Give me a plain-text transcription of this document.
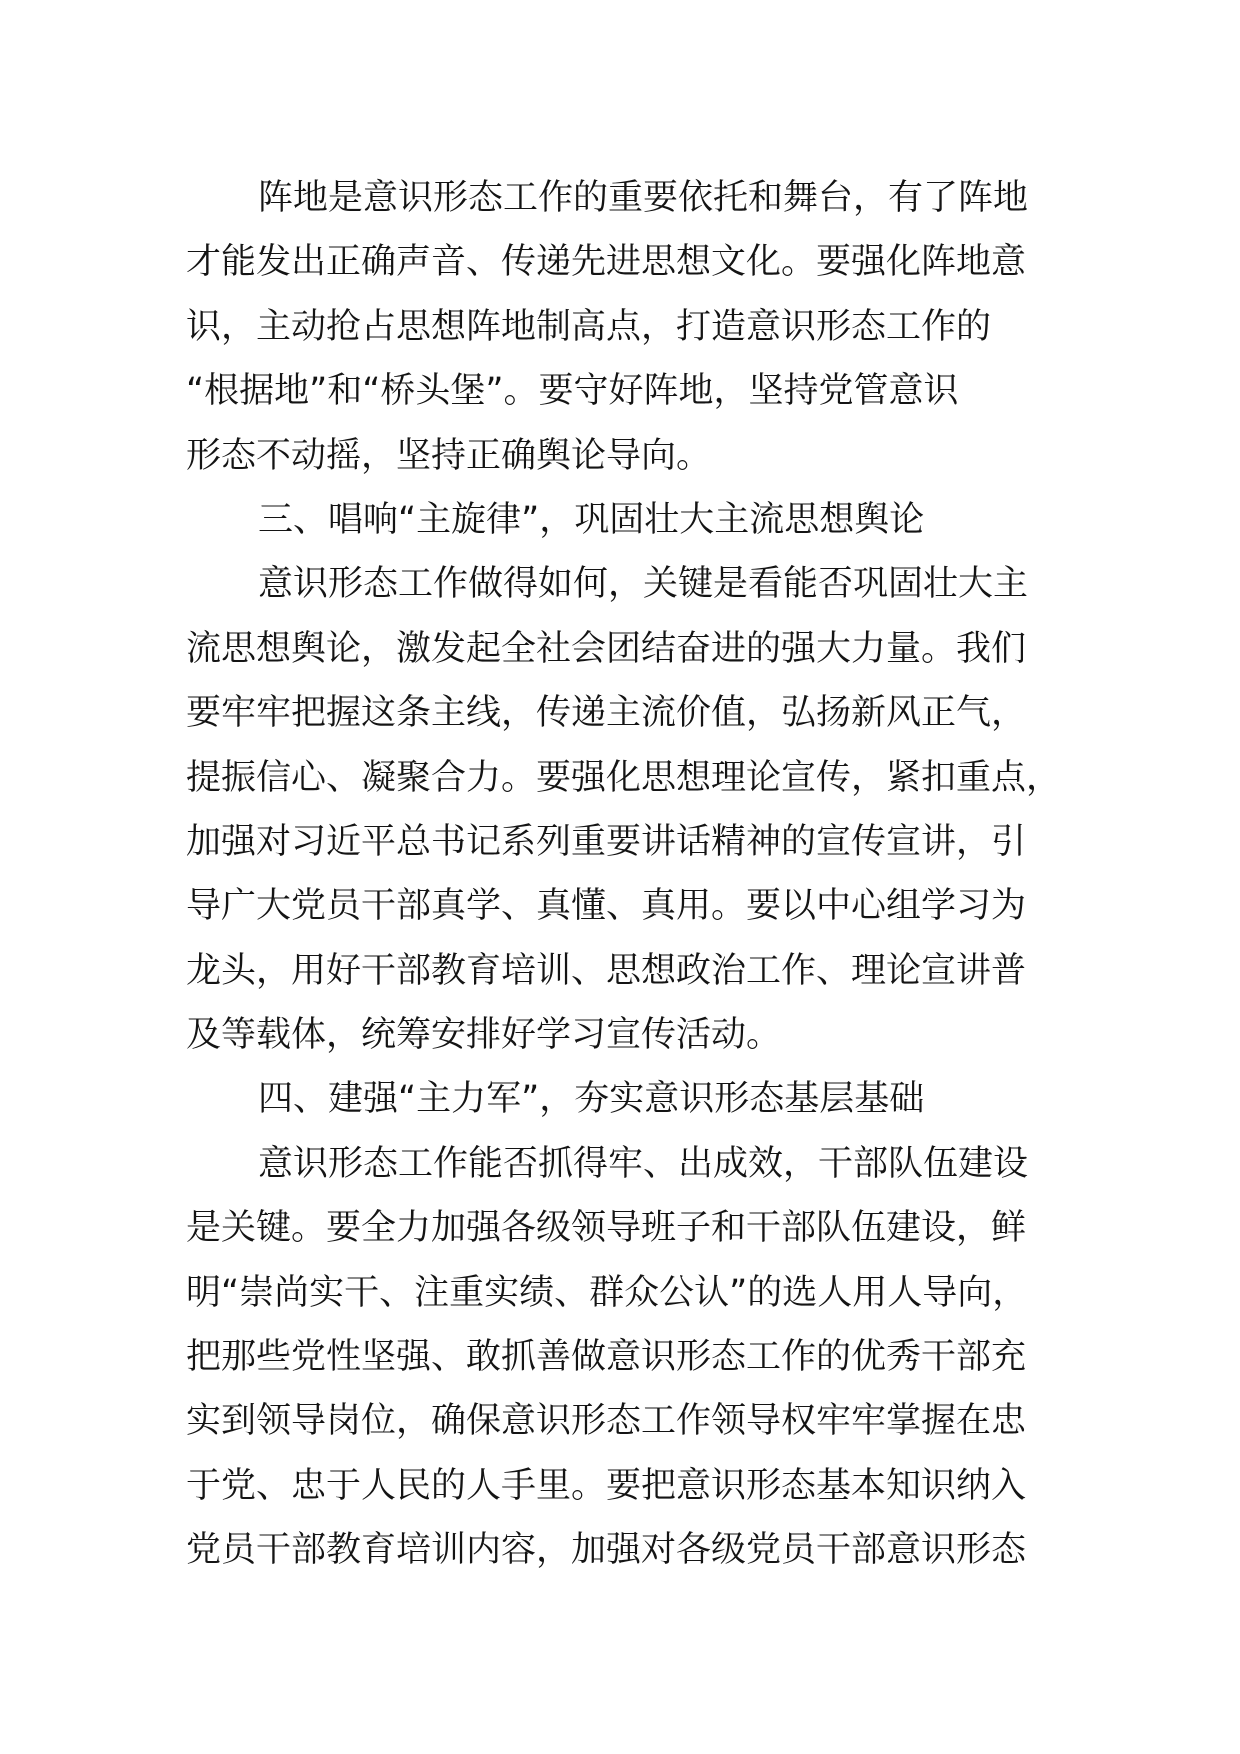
阵地是意识形态工作的重要依托和舞台，有了阵地
才能发出正确声音、传递先进思想文化。要强化阵地意
识，主动抢占思想阵地制高点，打造意识形态工作的
“根据地”和“桥头堡”。要守好阵地，坚持党管意识
形态不动摇，坚持正确舆论导向。
三、唱响“主旋律”，巩固壮大主流思想舆论
意识形态工作做得如何，关键是看能否巩固壮大主
流思想舆论，激发起全社会团结奋进的强大力量。我们
要牢牢把握这条主线，传递主流价值，弘扬新风正气，
提振信心、凝聚合力。要强化思想理论宣传，紧扣重点，
加强对习近平总书记系列重要讲话精神的宣传宣讲，引
导广大党员干部真学、真懂、真用。要以中心组学习为
龙头，用好干部教育培训、思想政治工作、理论宣讲普
及等载体，统筹安排好学习宣传活动。
四、建强“主力军”，夯实意识形态基层基础
意识形态工作能否抓得牢、出成效，干部队伍建设
是关键。要全力加强各级领导班子和干部队伍建设，鲜
明“崇尚实干、注重实绩、群众公认”的选人用人导向，
把那些党性坚强、敢抓善做意识形态工作的优秀干部充
实到领导岗位，确保意识形态工作领导权牢牢掌握在忠
于党、忠于人民的人手里。要把意识形态基本知识纳入
党员干部教育培训内容，加强对各级党员干部意识形态
